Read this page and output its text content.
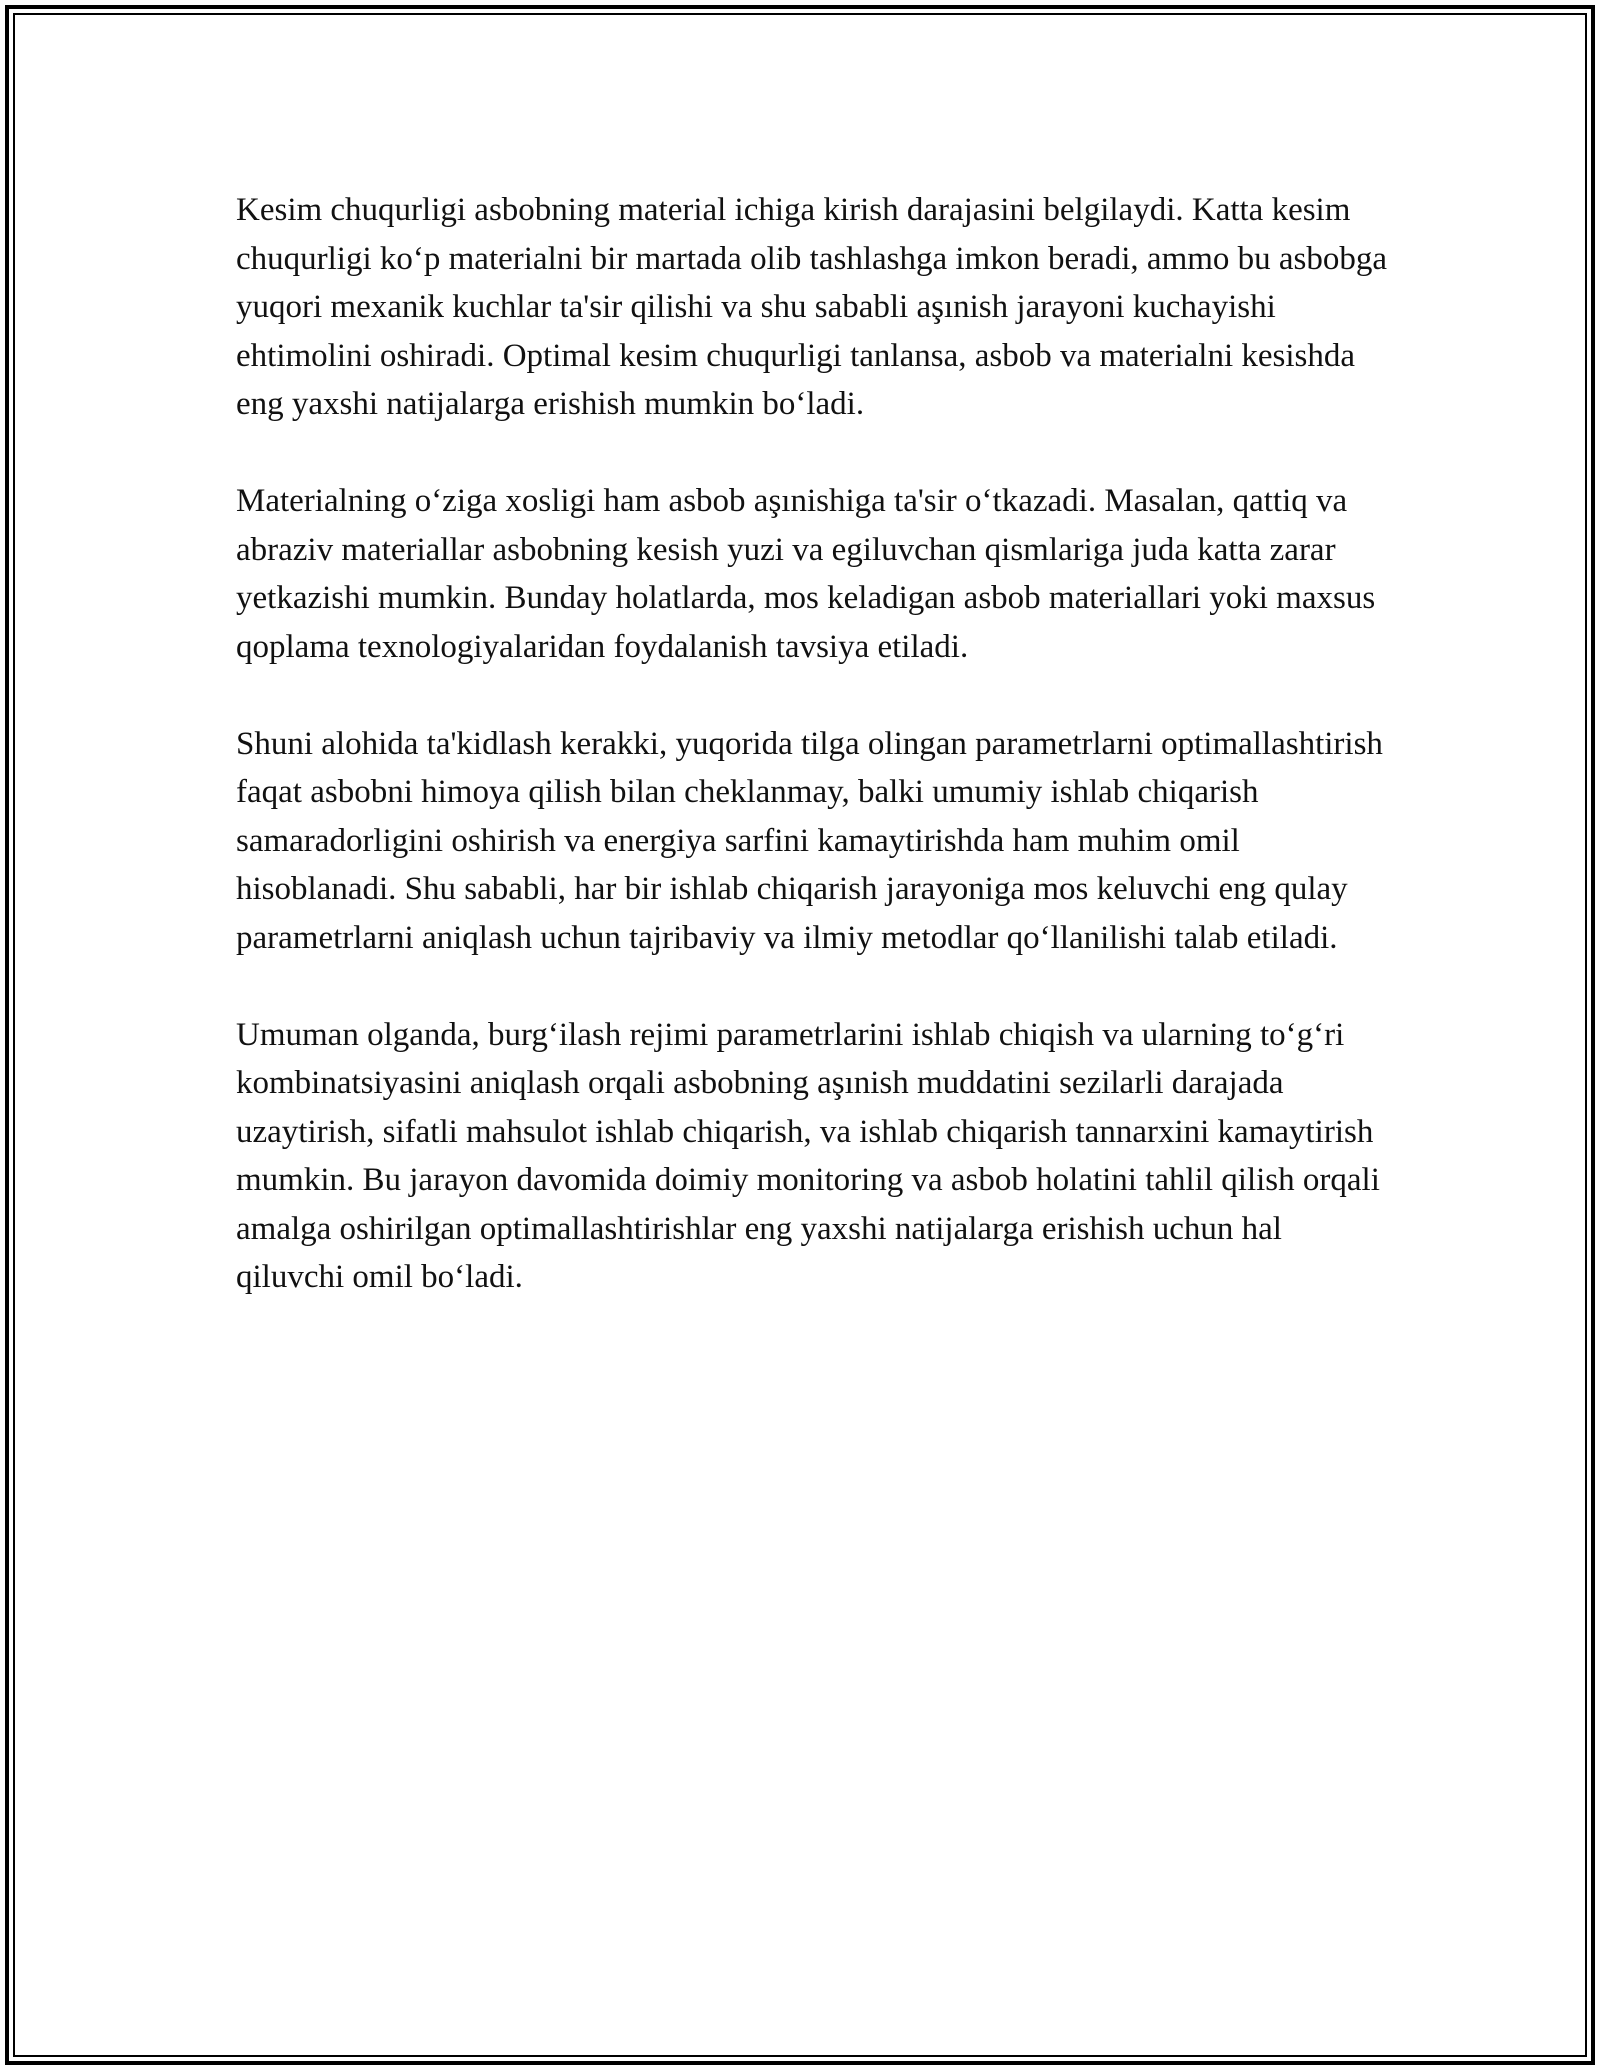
Kesim chuqurligi asbobning material ichiga kirish darajasini belgilaydi. Katta kesim chuqurligi ko‘p materialni bir martada olib tashlashga imkon beradi, ammo bu asbobga yuqori mexanik kuchlar ta'sir qilishi va shu sababli aşınish jarayoni kuchayishi ehtimolini oshiradi. Optimal kesim chuqurligi tanlansa, asbob va materialni kesishda eng yaxshi natijalarga erishish mumkin bo‘ladi.

Materialning o‘ziga xosligi ham asbob aşınishiga ta'sir o‘tkazadi. Masalan, qattiq va abraziv materiallar asbobning kesish yuzi va egiluvchan qismlariga juda katta zarar yetkazishi mumkin. Bunday holatlarda, mos keladigan asbob materiallari yoki maxsus qoplama texnologiyalaridan foydalanish tavsiya etiladi.

Shuni alohida ta'kidlash kerakki, yuqorida tilga olingan parametrlarni optimallashtirish faqat asbobni himoya qilish bilan cheklanmay, balki umumiy ishlab chiqarish samaradorligini oshirish va energiya sarfini kamaytirishda ham muhim omil hisoblanadi. Shu sababli, har bir ishlab chiqarish jarayoniga mos keluvchi eng qulay parametrlarni aniqlash uchun tajribaviy va ilmiy metodlar qo‘llanilishi talab etiladi.

Umuman olganda, burg‘ilash rejimi parametrlarini ishlab chiqish va ularning to‘g‘ri kombinatsiyasini aniqlash orqali asbobning aşınish muddatini sezilarli darajada uzaytirish, sifatli mahsulot ishlab chiqarish, va ishlab chiqarish tannarxini kamaytirish mumkin. Bu jarayon davomida doimiy monitoring va asbob holatini tahlil qilish orqali amalga oshirilgan optimallashtirishlar eng yaxshi natijalarga erishish uchun hal qiluvchi omil bo‘ladi.
